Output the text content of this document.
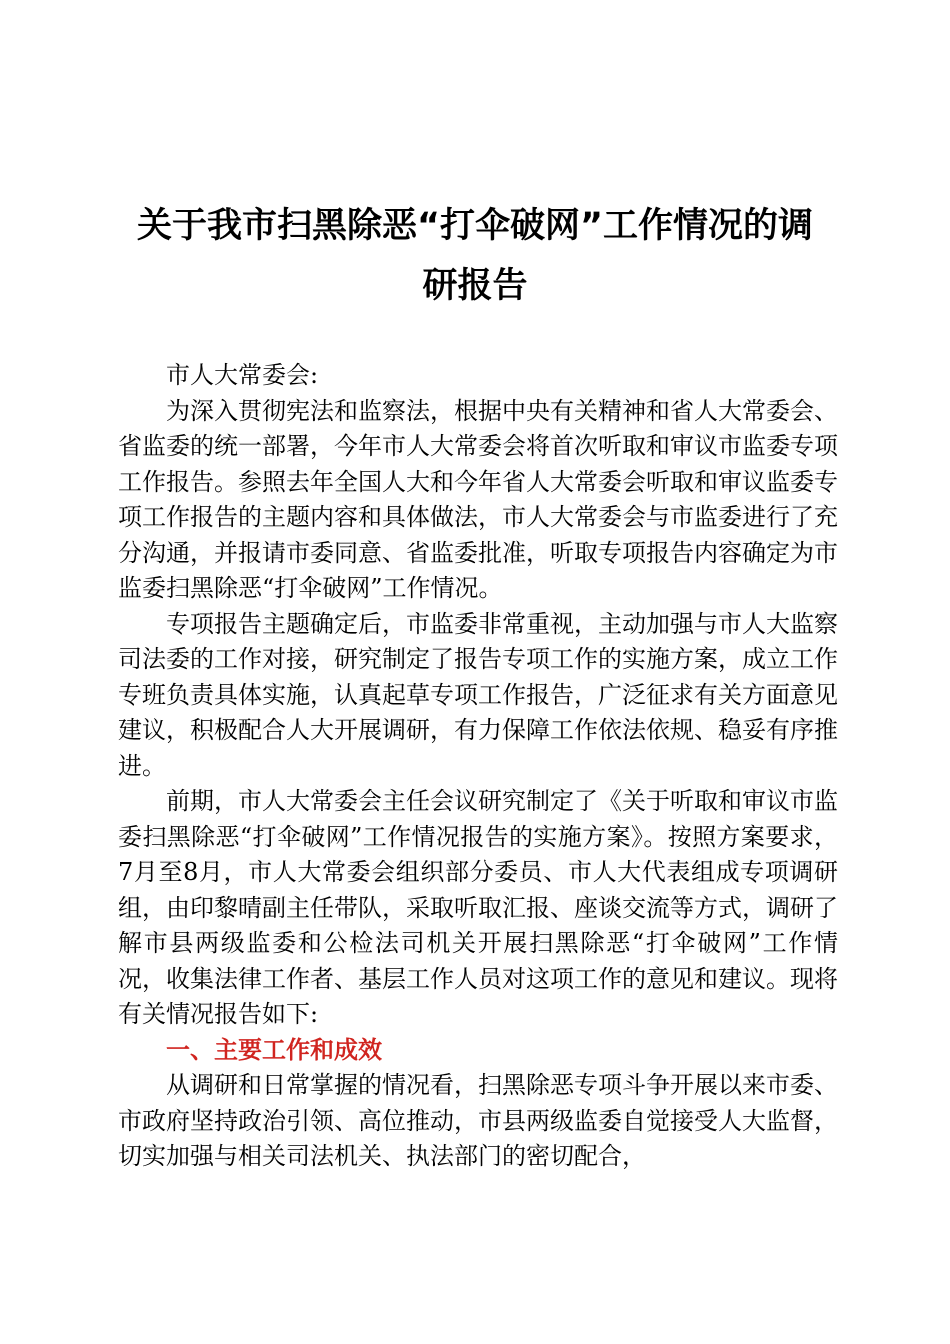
关于我市扫黑除恶“打伞破网”工作情况的调
研报告

市人大常委会:

为深入贯彻宪法和监察法，根据中央有关精神和省人大常委会、省监委的统一部署，今年市人大常委会将首次听取和审议市监委专项工作报告。参照去年全国人大和今年省人大常委会听取和审议监委专项工作报告的主题内容和具体做法，市人大常委会与市监委进行了充分沟通，并报请市委同意、省监委批准，听取专项报告内容确定为市监委扫黑除恶“打伞破网”工作情况。

专项报告主题确定后，市监委非常重视，主动加强与市人大监察司法委的工作对接，研究制定了报告专项工作的实施方案，成立工作专班负责具体实施，认真起草专项工作报告，广泛征求有关方面意见建议，积极配合人大开展调研，有力保障工作依法依规、稳妥有序推进。

前期，市人大常委会主任会议研究制定了《关于听取和审议市监委扫黑除恶“打伞破网”工作情况报告的实施方案》。按照方案要求，7月至8月，市人大常委会组织部分委员、市人大代表组成专项调研组，由印黎晴副主任带队，采取听取汇报、座谈交流等方式，调研了解市县两级监委和公检法司机关开展扫黑除恶“打伞破网”工作情况，收集法律工作者、基层工作人员对这项工作的意见和建议。现将有关情况报告如下:

一、主要工作和成效

从调研和日常掌握的情况看，扫黑除恶专项斗争开展以来市委、市政府坚持政治引领、高位推动，市县两级监委自觉接受人大监督，切实加强与相关司法机关、执法部门的密切配合，
